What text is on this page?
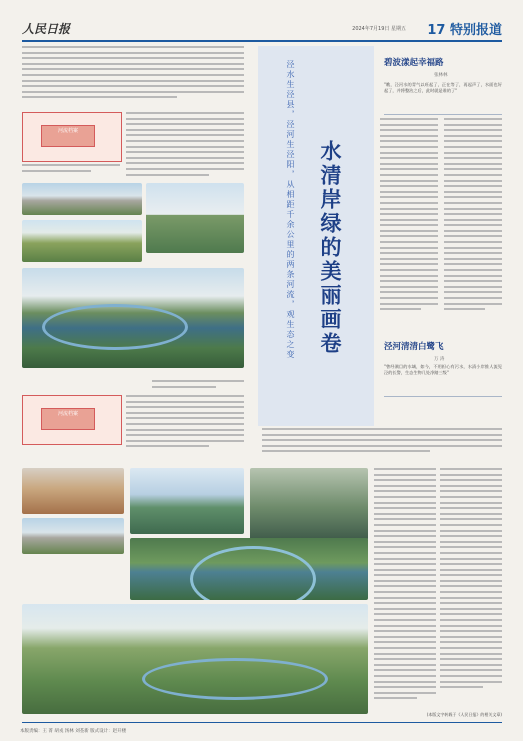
人民日报	2024年7月19日 星期五 17 特别报道
河流档案
河流档案
泾水生泾县，泾河生泾阳，从相距千余公里的两条河流，观生态之变 水清岸绿的美丽画卷
碧波漾起幸福路
张林林
"瞧，泾河水的青气以旺起了，正在等了，再起声了，水面也好起了，并将整治之后，此时就是谁的了"
泾河清清白鹭飞
万 涛
"曾经满目的水域，如今，不用担心有污水，水清小岸推人流见泾的长警，生态生物几处净踏三级"
(本版文字转载于《人民日报》的相关文章)
本版责编：王 菁 胡戎 汤林 刘荃新 版式设计：赵开楼
